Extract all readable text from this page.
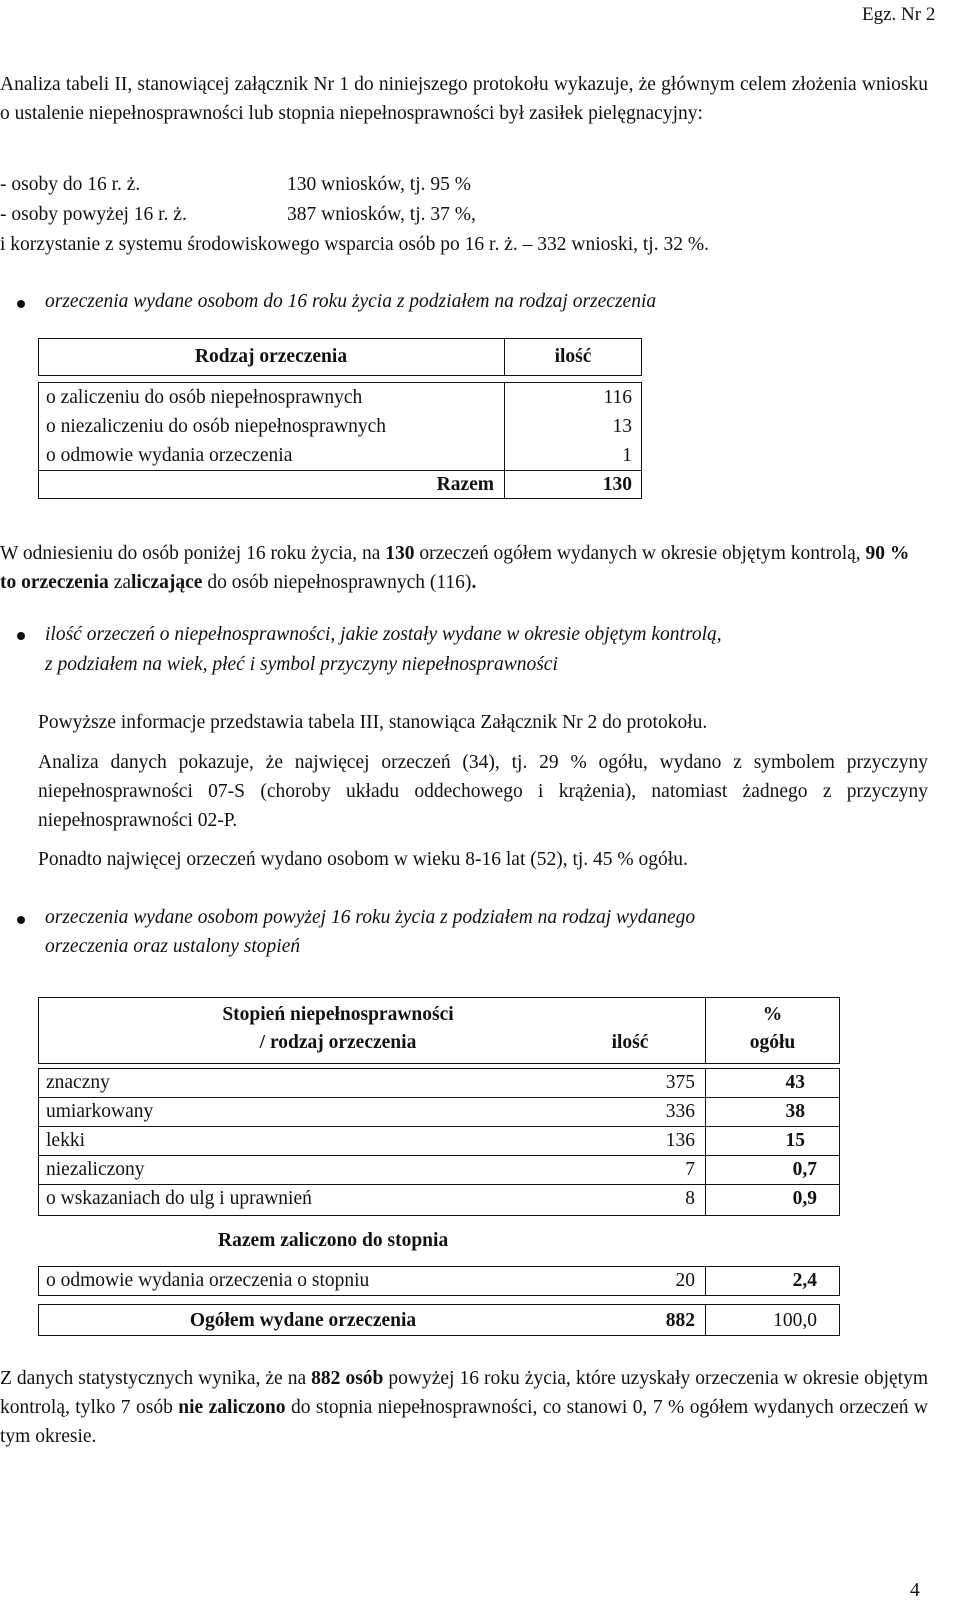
Egz. Nr 2
Analiza tabeli II, stanowiącej załącznik Nr 1 do niniejszego protokołu wykazuje, że głównym celem złożenia wniosku o ustalenie niepełnosprawności lub stopnia niepełnosprawności był zasiłek pielęgnacyjny:
- osoby do 16 r. ż.	130 wniosków, tj. 95 %
- osoby powyżej 16 r. ż.	387 wniosków, tj. 37 %,
i korzystanie z systemu środowiskowego wsparcia osób po 16 r. ż. – 332 wnioski, tj. 32 %.
orzeczenia wydane osobom do 16 roku życia z podziałem na rodzaj orzeczenia
Rodzaj orzeczenia	ilość
o zaliczeniu do osób niepełnosprawnych	116
o niezaliczeniu do osób niepełnosprawnych	13
o odmowie wydania orzeczenia	1
Razem	130
W odniesieniu do osób poniżej 16 roku życia, na 130 orzeczeń ogółem wydanych w okresie objętym kontrolą, 90 % to orzeczenia zaliczające do osób niepełnosprawnych (116).
ilość orzeczeń o niepełnosprawności, jakie zostały wydane w okresie objętym kontrolą,
z podziałem na wiek, płeć i symbol przyczyny niepełnosprawności
Powyższe informacje przedstawia tabela III, stanowiąca Załącznik Nr 2 do protokołu.
Analiza danych pokazuje, że najwięcej orzeczeń (34), tj. 29 % ogółu, wydano z symbolem przyczyny niepełnosprawności 07-S (choroby układu oddechowego i krążenia), natomiast żadnego z przyczyny niepełnosprawności 02-P.
Ponadto najwięcej orzeczeń wydano osobom w wieku 8-16 lat (52), tj. 45 % ogółu.
orzeczenia wydane osobom powyżej 16 roku życia z podziałem na rodzaj wydanego
orzeczenia oraz ustalony stopień
Stopień niepełnosprawności
/ rodzaj orzeczenia	ilość
%
ogółu
znaczny	375	43
umiarkowany	336	38
lekki	136	15
niezaliczony	7	0,7
o wskazaniach do ulg i uprawnień	8	0,9
Razem zaliczono do stopnia
o odmowie wydania orzeczenia o stopniu	20	2,4
Ogółem wydane orzeczenia	882	100,0
Z danych statystycznych wynika, że na 882 osób powyżej 16 roku życia, które uzyskały orzeczenia w okresie objętym kontrolą, tylko 7 osób nie zaliczono do stopnia niepełnosprawności, co stanowi 0, 7 % ogółem wydanych orzeczeń w tym okresie.
4
